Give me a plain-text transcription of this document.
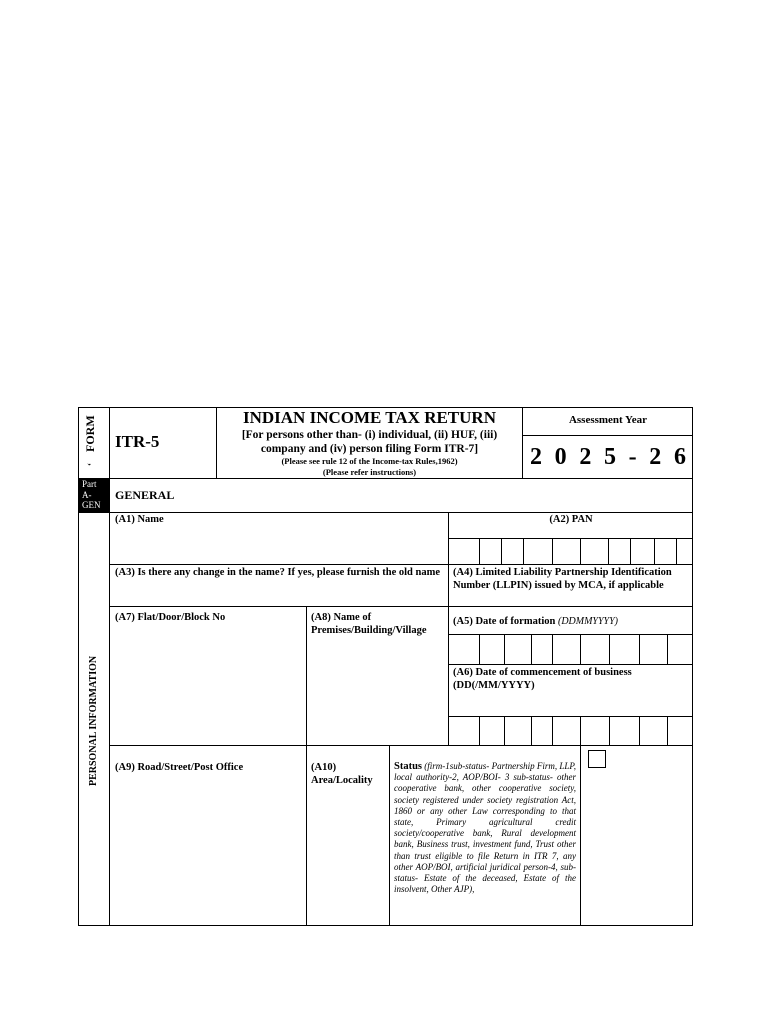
‘ FORM ITR-5
INDIAN INCOME TAX RETURN
[For persons other than- (i) individual, (ii) HUF, (iii) company and (iv) person filing Form ITR-7]
(Please see rule 12 of the Income-tax Rules,1962)
(Please refer instructions)
Assessment Year
2 0 2 5 - 2 6
Part
A-
GEN
GENERAL
PERSONAL INFORMATION
(A1) Name	(A2) PAN
(A3) Is there any change in the name? If yes, please furnish the old name (A4) Limited Liability Partnership Identification Number (LLPIN) issued by MCA, if applicable
(A7) Flat/Door/Block No	(A8) Name of Premises/Building/Village
(A5) Date of formation (DDMMYYYY)
(A6) Date of commencement of business (DD(/MM/YYYY)
(A9) Road/Street/Post Office	(A10) Area/Locality
Status (firm-1sub-status- Partnership Firm, LLP, local authority-2, AOP/BOI- 3 sub-status- other cooperative bank, other cooperative society, society registered under society registration Act, 1860 or any other Law corresponding to that state, Primary agricultural credit society/cooperative bank, Rural development bank, Business trust, investment fund, Trust other than trust eligible to file Return in ITR 7, any other AOP/BOI, artificial juridical person-4, sub-status- Estate of the deceased, Estate of the insolvent, Other AJP),
